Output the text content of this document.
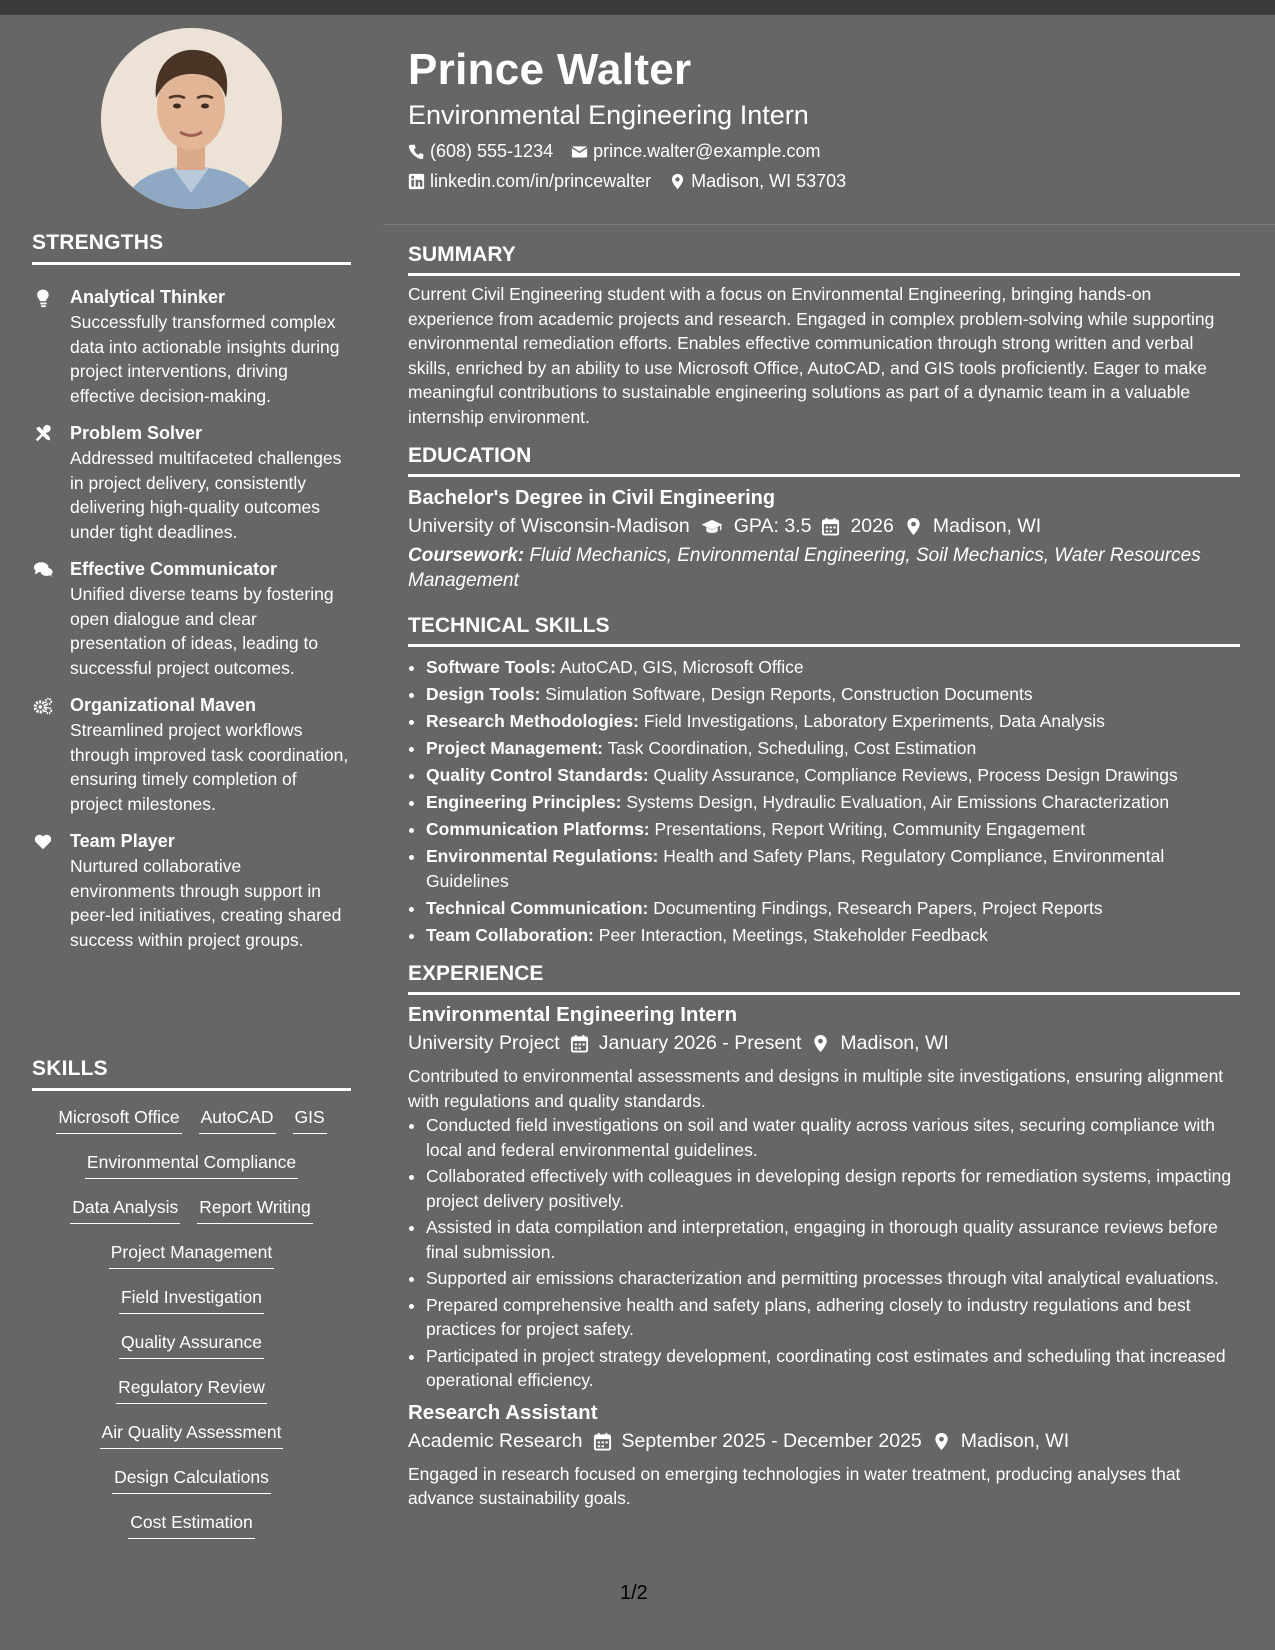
STRENGTHS
Analytical Thinker
Successfully transformed complex data into actionable insights during project interventions, driving effective decision-making.
Problem Solver
Addressed multifaceted challenges in project delivery, consistently delivering high-quality outcomes under tight deadlines.
Effective Communicator
Unified diverse teams by fostering open dialogue and clear presentation of ideas, leading to successful project outcomes.
Organizational Maven
Streamlined project workflows through improved task coordination, ensuring timely completion of project milestones.
Team Player
Nurtured collaborative environments through support in peer-led initiatives, creating shared success within project groups.
SKILLS
Microsoft Office AutoCAD GIS
Environmental Compliance
Data Analysis Report Writing
Project Management
Field Investigation
Quality Assurance
Regulatory Review
Air Quality Assessment
Design Calculations
Cost Estimation
Prince Walter
Environmental Engineering Intern
(608) 555-1234 prince.walter@example.com
linkedin.com/in/princewalter Madison, WI 53703
SUMMARY
Current Civil Engineering student with a focus on Environmental Engineering, bringing hands-on experience from academic projects and research. Engaged in complex problem-solving while supporting environmental remediation efforts. Enables effective communication through strong written and verbal skills, enriched by an ability to use Microsoft Office, AutoCAD, and GIS tools proficiently. Eager to make meaningful contributions to sustainable engineering solutions as part of a dynamic team in a valuable internship environment.
EDUCATION
Bachelor's Degree in Civil Engineering
University of Wisconsin-Madison GPA: 3.5 2026 Madison, WI
Coursework: Fluid Mechanics, Environmental Engineering, Soil Mechanics, Water Resources Management
TECHNICAL SKILLS
• Software Tools: AutoCAD, GIS, Microsoft Office
• Design Tools: Simulation Software, Design Reports, Construction Documents
• Research Methodologies: Field Investigations, Laboratory Experiments, Data Analysis
• Project Management: Task Coordination, Scheduling, Cost Estimation
• Quality Control Standards: Quality Assurance, Compliance Reviews, Process Design Drawings
• Engineering Principles: Systems Design, Hydraulic Evaluation, Air Emissions Characterization
• Communication Platforms: Presentations, Report Writing, Community Engagement
• Environmental Regulations: Health and Safety Plans, Regulatory Compliance, Environmental Guidelines
• Technical Communication: Documenting Findings, Research Papers, Project Reports
• Team Collaboration: Peer Interaction, Meetings, Stakeholder Feedback
EXPERIENCE
Environmental Engineering Intern
University Project January 2026 - Present Madison, WI
Contributed to environmental assessments and designs in multiple site investigations, ensuring alignment with regulations and quality standards.
• Conducted field investigations on soil and water quality across various sites, securing compliance with local and federal environmental guidelines.
• Collaborated effectively with colleagues in developing design reports for remediation systems, impacting project delivery positively.
• Assisted in data compilation and interpretation, engaging in thorough quality assurance reviews before final submission.
• Supported air emissions characterization and permitting processes through vital analytical evaluations.
• Prepared comprehensive health and safety plans, adhering closely to industry regulations and best practices for project safety.
• Participated in project strategy development, coordinating cost estimates and scheduling that increased operational efficiency.
Research Assistant
Academic Research September 2025 - December 2025 Madison, WI
Engaged in research focused on emerging technologies in water treatment, producing analyses that advance sustainability goals.
1/2
